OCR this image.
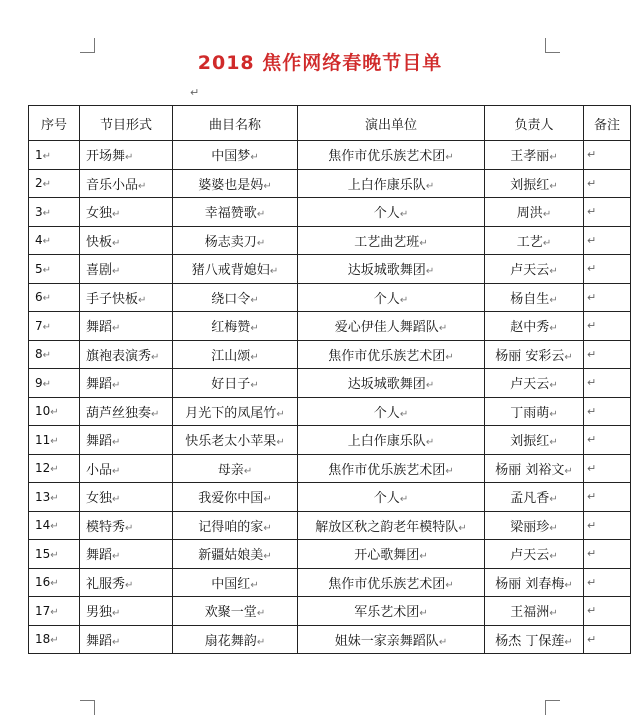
2018 焦作网络春晚节目单
↵
序号	节目形式	曲目名称	演出单位	负责人	备注
1↵	开场舞↵	中国梦↵	焦作市优乐族艺术团↵	王孝丽↵	↵
2↵	音乐小品↵	婆婆也是妈↵	上白作康乐队↵	刘振红↵	↵
3↵	女独↵	幸福赞歌↵	个人↵	周洪↵	↵
4↵	快板↵	杨志卖刀↵	工艺曲艺班↵	工艺↵	↵
5↵	喜剧↵	猪八戒背媳妇↵	达坂城歌舞团↵	卢天云↵	↵
6↵	手子快板↵	绕口令↵	个人↵	杨自生↵	↵
7↵	舞蹈↵	红梅赞↵	爱心伊佳人舞蹈队↵	赵中秀↵	↵
8↵	旗袍表演秀↵	江山颂↵	焦作市优乐族艺术团↵	杨丽 安彩云↵	↵
9↵	舞蹈↵	好日子↵	达坂城歌舞团↵	卢天云↵	↵
10↵	葫芦丝独奏↵	月光下的凤尾竹↵	个人↵	丁雨萌↵	↵
11↵	舞蹈↵	快乐老太小苹果↵	上白作康乐队↵	刘振红↵	↵
12↵	小品↵	母亲↵	焦作市优乐族艺术团↵	杨丽 刘裕文↵	↵
13↵	女独↵	我爱你中国↵	个人↵	孟凡香↵	↵
14↵	模特秀↵	记得咱的家↵	解放区秋之韵老年模特队↵	梁丽珍↵	↵
15↵	舞蹈↵	新疆姑娘美↵	开心歌舞团↵	卢天云↵	↵
16↵	礼服秀↵	中国红↵	焦作市优乐族艺术团↵	杨丽 刘春梅↵	↵
17↵	男独↵	欢聚一堂↵	军乐艺术团↵	王福洲↵	↵
18↵	舞蹈↵	扇花舞韵↵	姐妹一家亲舞蹈队↵	杨杰 丁保莲↵	↵
